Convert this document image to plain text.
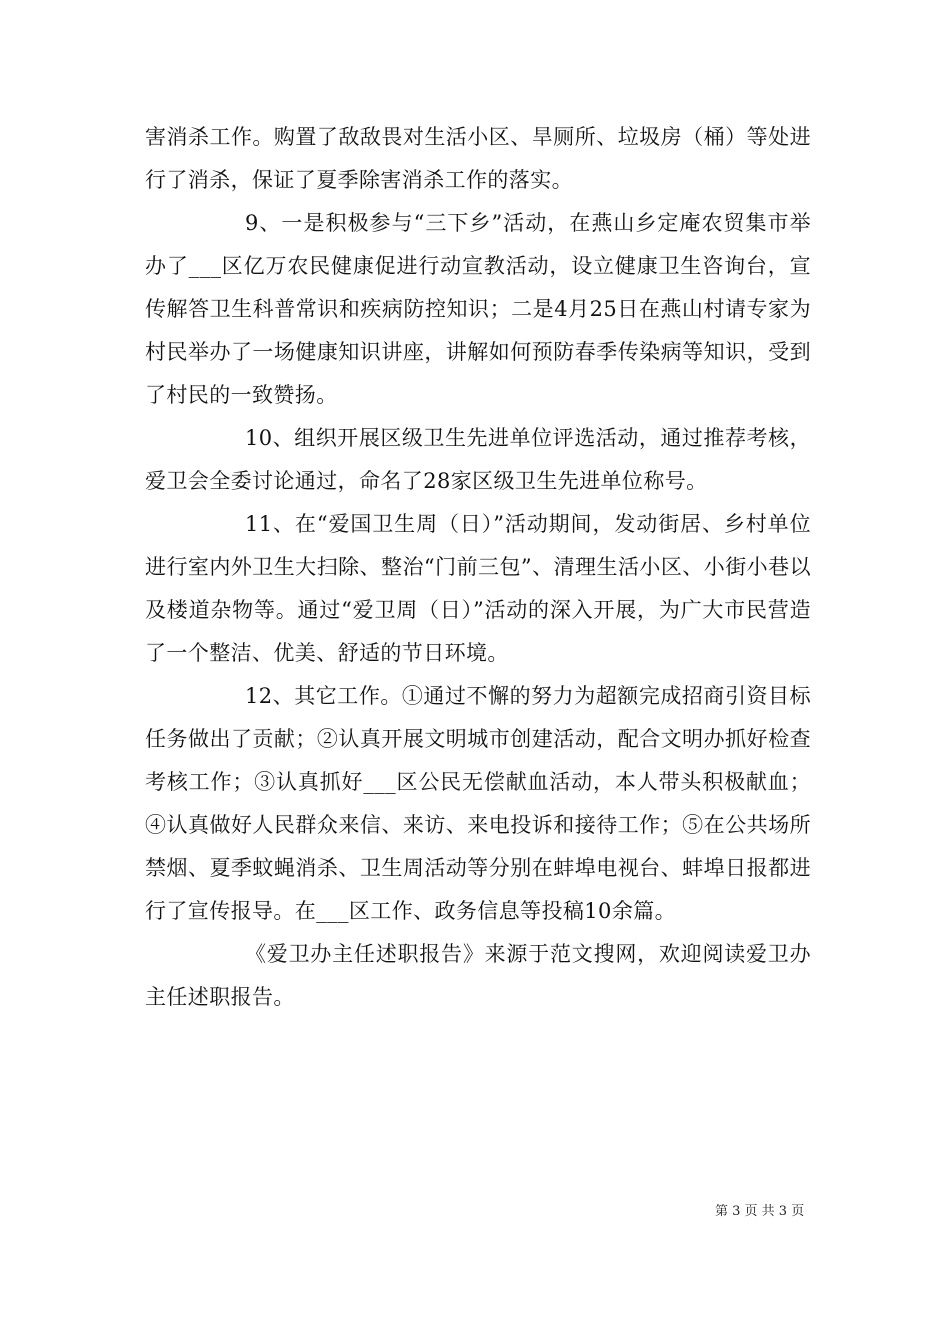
害消杀工作。购置了敌敌畏对生活小区、旱厕所、垃圾房（桶）等处进行了消杀，保证了夏季除害消杀工作的落实。

9、一是积极参与“三下乡”活动，在燕山乡定庵农贸集市举办了___区亿万农民健康促进行动宣教活动，设立健康卫生咨询台，宣传解答卫生科普常识和疾病防控知识；二是4月25日在燕山村请专家为村民举办了一场健康知识讲座，讲解如何预防春季传染病等知识，受到了村民的一致赞扬。

10、组织开展区级卫生先进单位评选活动，通过推荐考核，爱卫会全委讨论通过，命名了28家区级卫生先进单位称号。

11、在“爱国卫生周（日）”活动期间，发动街居、乡村单位进行室内外卫生大扫除、整治“门前三包”、清理生活小区、小街小巷以及楼道杂物等。通过“爱卫周（日）”活动的深入开展，为广大市民营造了一个整洁、优美、舒适的节日环境。

12、其它工作。①通过不懈的努力为超额完成招商引资目标任务做出了贡献；②认真开展文明城市创建活动，配合文明办抓好检查考核工作；③认真抓好___区公民无偿献血活动，本人带头积极献血；④认真做好人民群众来信、来访、来电投诉和接待工作；⑤在公共场所禁烟、夏季蚊蝇消杀、卫生周活动等分别在蚌埠电视台、蚌埠日报都进行了宣传报导。在___区工作、政务信息等投稿10余篇。

《爱卫办主任述职报告》来源于范文搜网，欢迎阅读爱卫办主任述职报告。

第 3 页 共 3 页
